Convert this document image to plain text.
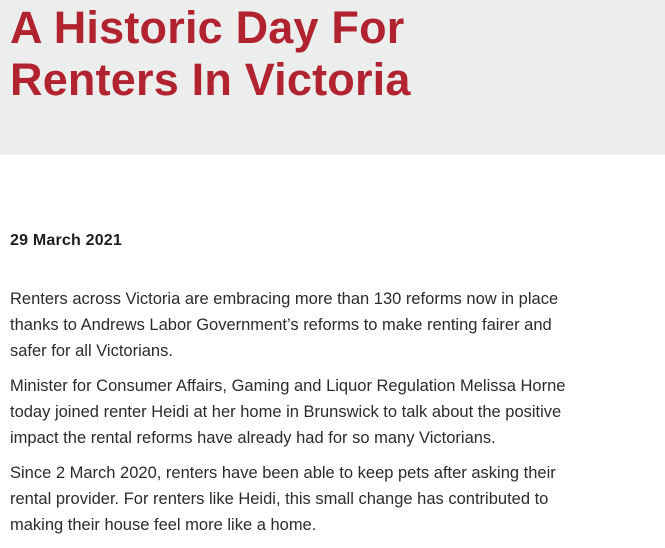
A Historic Day For
Renters In Victoria
29 March 2021

Renters across Victoria are embracing more than 130 reforms now in place
thanks to Andrews Labor Government’s reforms to make renting fairer and
safer for all Victorians.

Minister for Consumer Affairs, Gaming and Liquor Regulation Melissa Horne
today joined renter Heidi at her home in Brunswick to talk about the positive
impact the rental reforms have already had for so many Victorians.

Since 2 March 2020, renters have been able to keep pets after asking their
rental provider. For renters like Heidi, this small change has contributed to
making their house feel more like a home.
